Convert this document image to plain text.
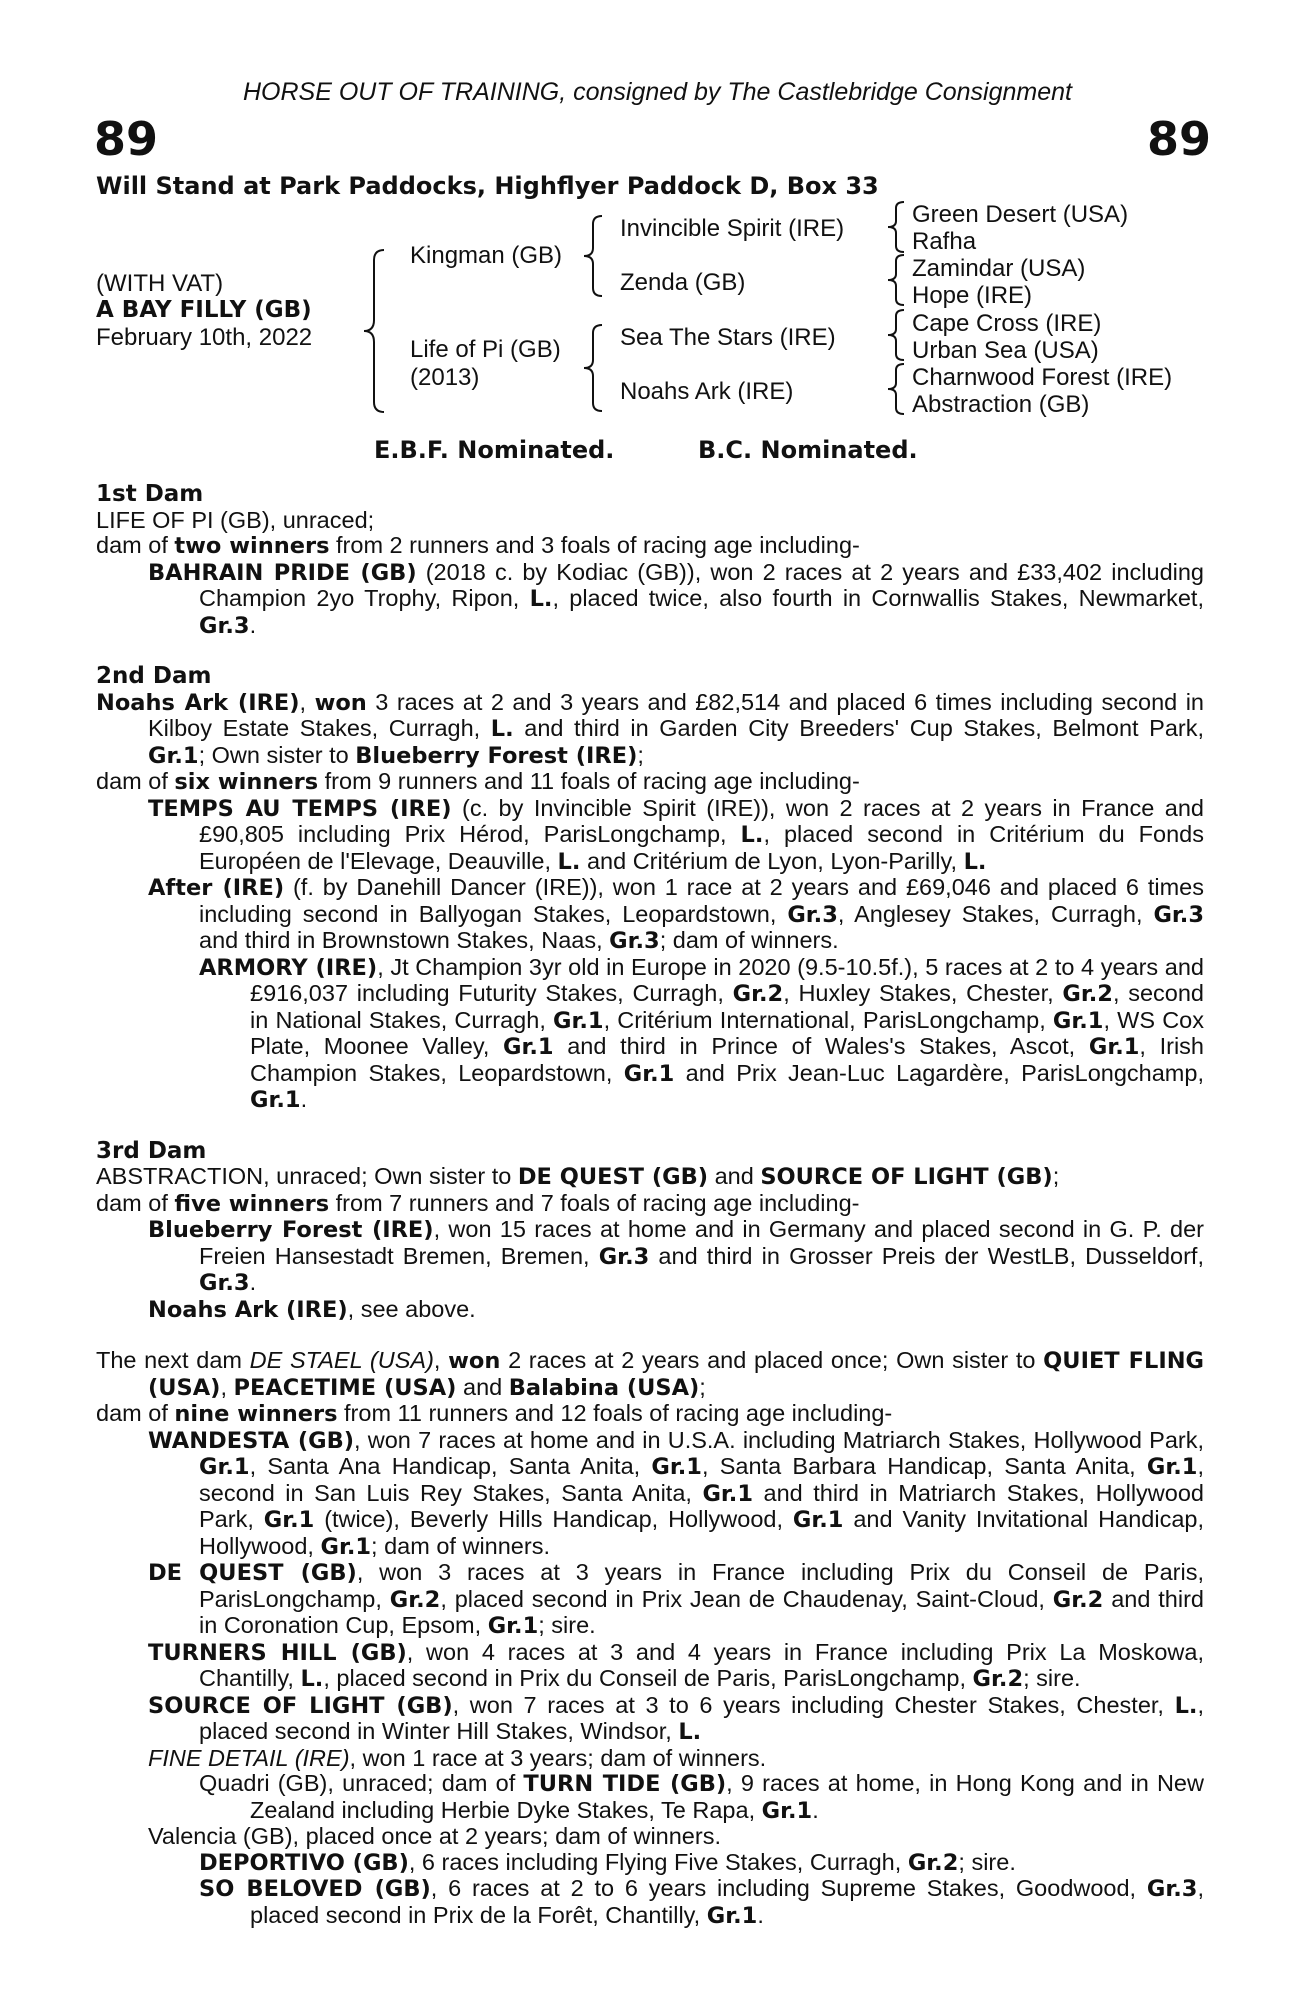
HORSE OUT OF TRAINING, consigned by The Castlebridge Consignment
89	89
Will Stand at Park Paddocks, Highflyer Paddock D, Box 33
(WITH VAT)
A BAY FILLY (GB)
February 10th, 2022
Kingman (GB)
Life of Pi (GB)
(2013)
Invincible Spirit (IRE)
Zenda (GB)
Sea The Stars (IRE)
Noahs Ark (IRE)
Green Desert (USA)
Rafha
Zamindar (USA)
Hope (IRE)
Cape Cross (IRE)
Urban Sea (USA)
Charnwood Forest (IRE)
Abstraction (GB)
E.B.F. Nominated.	B.C. Nominated.

1st Dam

LIFE OF PI (GB), unraced;

dam of two winners from 2 runners and 3 foals of racing age including-

BAHRAIN PRIDE (GB) (2018 c. by Kodiac (GB)), won 2 races at 2 years and £33,402 including Champion 2yo Trophy, Ripon, L., placed twice, also fourth in Cornwallis Stakes, Newmarket, Gr.3.

2nd Dam

Noahs Ark (IRE), won 3 races at 2 and 3 years and £82,514 and placed 6 times including second in Kilboy Estate Stakes, Curragh, L. and third in Garden City Breeders' Cup Stakes, Belmont Park, Gr.1; Own sister to Blueberry Forest (IRE);

dam of six winners from 9 runners and 11 foals of racing age including-

TEMPS AU TEMPS (IRE) (c. by Invincible Spirit (IRE)), won 2 races at 2 years in France and £90,805 including Prix Hérod, ParisLongchamp, L., placed second in Critérium du Fonds Européen de l'Elevage, Deauville, L. and Critérium de Lyon, Lyon-Parilly, L.

After (IRE) (f. by Danehill Dancer (IRE)), won 1 race at 2 years and £69,046 and placed 6 times including second in Ballyogan Stakes, Leopardstown, Gr.3, Anglesey Stakes, Curragh, Gr.3 and third in Brownstown Stakes, Naas, Gr.3; dam of winners.

ARMORY (IRE), Jt Champion 3yr old in Europe in 2020 (9.5-10.5f.), 5 races at 2 to 4 years and £916,037 including Futurity Stakes, Curragh, Gr.2, Huxley Stakes, Chester, Gr.2, second in National Stakes, Curragh, Gr.1, Critérium International, ParisLongchamp, Gr.1, WS Cox Plate, Moonee Valley, Gr.1 and third in Prince of Wales's Stakes, Ascot, Gr.1, Irish Champion Stakes, Leopardstown, Gr.1 and Prix Jean-Luc Lagardère, ParisLongchamp, Gr.1.

3rd Dam

ABSTRACTION, unraced; Own sister to DE QUEST (GB) and SOURCE OF LIGHT (GB);

dam of five winners from 7 runners and 7 foals of racing age including-

Blueberry Forest (IRE), won 15 races at home and in Germany and placed second in G. P. der Freien Hansestadt Bremen, Bremen, Gr.3 and third in Grosser Preis der WestLB, Dusseldorf, Gr.3.

Noahs Ark (IRE), see above.

The next dam DE STAEL (USA), won 2 races at 2 years and placed once; Own sister to QUIET FLING (USA), PEACETIME (USA) and Balabina (USA);

dam of nine winners from 11 runners and 12 foals of racing age including-

WANDESTA (GB), won 7 races at home and in U.S.A. including Matriarch Stakes, Hollywood Park, Gr.1, Santa Ana Handicap, Santa Anita, Gr.1, Santa Barbara Handicap, Santa Anita, Gr.1, second in San Luis Rey Stakes, Santa Anita, Gr.1 and third in Matriarch Stakes, Hollywood Park, Gr.1 (twice), Beverly Hills Handicap, Hollywood, Gr.1 and Vanity Invitational Handicap, Hollywood, Gr.1; dam of winners.

DE QUEST (GB), won 3 races at 3 years in France including Prix du Conseil de Paris, ParisLongchamp, Gr.2, placed second in Prix Jean de Chaudenay, Saint-Cloud, Gr.2 and third in Coronation Cup, Epsom, Gr.1; sire.

TURNERS HILL (GB), won 4 races at 3 and 4 years in France including Prix La Moskowa, Chantilly, L., placed second in Prix du Conseil de Paris, ParisLongchamp, Gr.2; sire.

SOURCE OF LIGHT (GB), won 7 races at 3 to 6 years including Chester Stakes, Chester, L., placed second in Winter Hill Stakes, Windsor, L.

FINE DETAIL (IRE), won 1 race at 3 years; dam of winners.

Quadri (GB), unraced; dam of TURN TIDE (GB), 9 races at home, in Hong Kong and in New Zealand including Herbie Dyke Stakes, Te Rapa, Gr.1.

Valencia (GB), placed once at 2 years; dam of winners.

DEPORTIVO (GB), 6 races including Flying Five Stakes, Curragh, Gr.2; sire.

SO BELOVED (GB), 6 races at 2 to 6 years including Supreme Stakes, Goodwood, Gr.3, placed second in Prix de la Forêt, Chantilly, Gr.1.
